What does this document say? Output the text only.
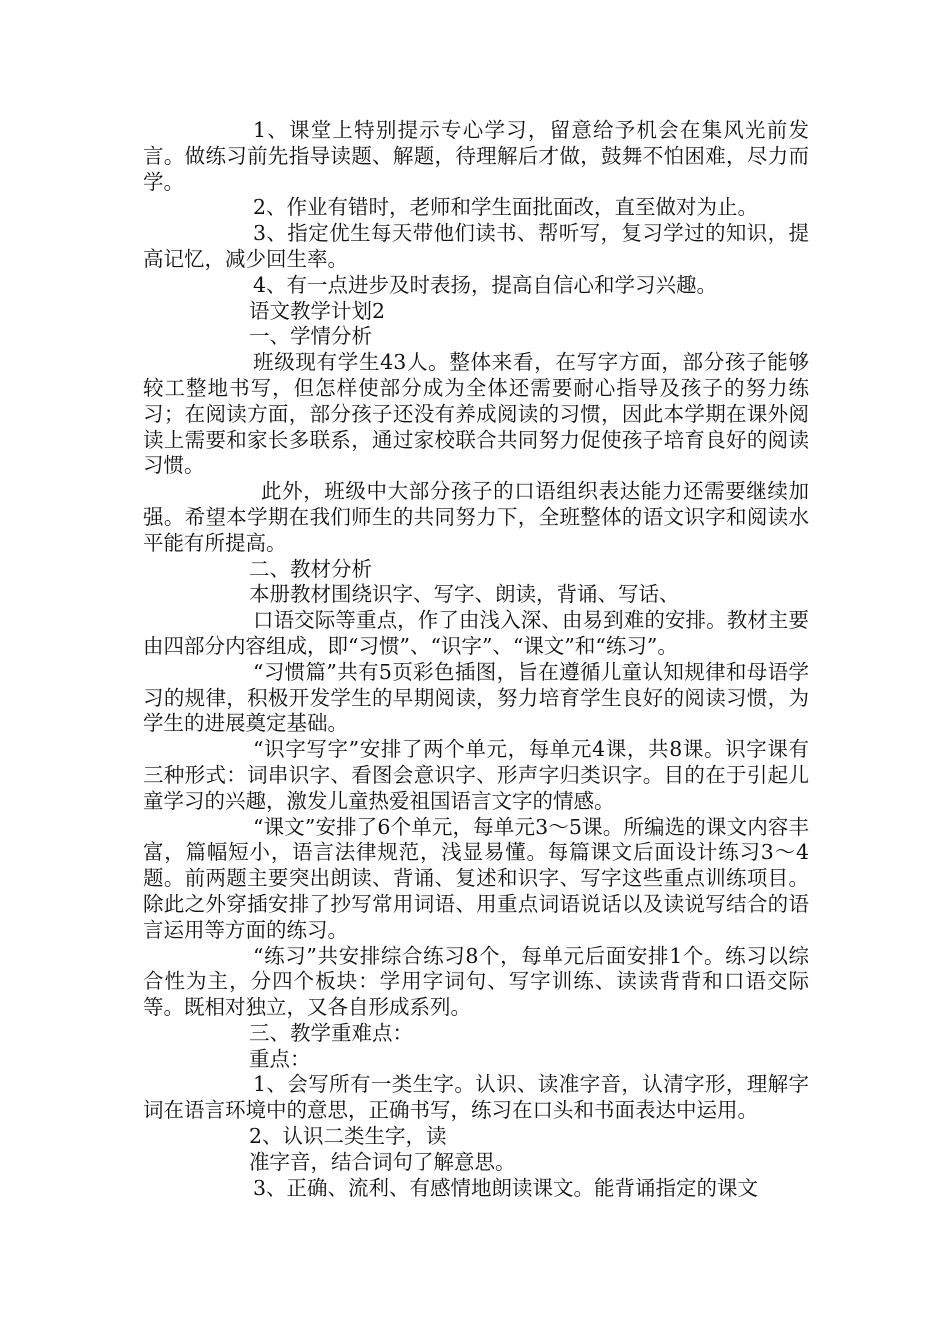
1、课堂上特别提示专心学习，留意给予机会在集风光前发言。做练习前先指导读题、解题，待理解后才做，鼓舞不怕困难，尽力而学。

2、作业有错时，老师和学生面批面改，直至做对为止。

3、指定优生每天带他们读书、帮听写，复习学过的知识，提高记忆，减少回生率。

4、有一点进步及时表扬，提高自信心和学习兴趣。

语文教学计划2

一、学情分析

班级现有学生43人。整体来看，在写字方面，部分孩子能够较工整地书写，但怎样使部分成为全体还需要耐心指导及孩子的努力练习；在阅读方面，部分孩子还没有养成阅读的习惯，因此本学期在课外阅读上需要和家长多联系，通过家校联合共同努力促使孩子培育良好的阅读习惯。

此外，班级中大部分孩子的口语组织表达能力还需要继续加强。希望本学期在我们师生的共同努力下，全班整体的语文识字和阅读水平能有所提高。

二、教材分析

本册教材围绕识字、写字、朗读，背诵、写话、

口语交际等重点，作了由浅入深、由易到难的安排。教材主要由四部分内容组成，即“习惯”、“识字”、“课文”和“练习”。

“习惯篇”共有5页彩色插图，旨在遵循儿童认知规律和母语学习的规律，积极开发学生的早期阅读，努力培育学生良好的阅读习惯，为学生的进展奠定基础。

“识字写字”安排了两个单元，每单元4课，共8课。识字课有三种形式：词串识字、看图会意识字、形声字归类识字。目的在于引起儿童学习的兴趣，激发儿童热爱祖国语言文字的情感。

“课文”安排了6个单元，每单元3～5课。所编选的课文内容丰富，篇幅短小，语言法律规范，浅显易懂。每篇课文后面设计练习3～4题。前两题主要突出朗读、背诵、复述和识字、写字这些重点训练项目。除此之外穿插安排了抄写常用词语、用重点词语说话以及读说写结合的语言运用等方面的练习。

“练习”共安排综合练习8个，每单元后面安排1个。练习以综合性为主，分四个板块：学用字词句、写字训练、读读背背和口语交际等。既相对独立，又各自形成系列。

三、教学重难点：

重点：

1、会写所有一类生字。认识、读准字音，认清字形，理解字词在语言环境中的意思，正确书写，练习在口头和书面表达中运用。

2、认识二类生字，读

准字音，结合词句了解意思。

3、正确、流利、有感情地朗读课文。能背诵指定的课文
